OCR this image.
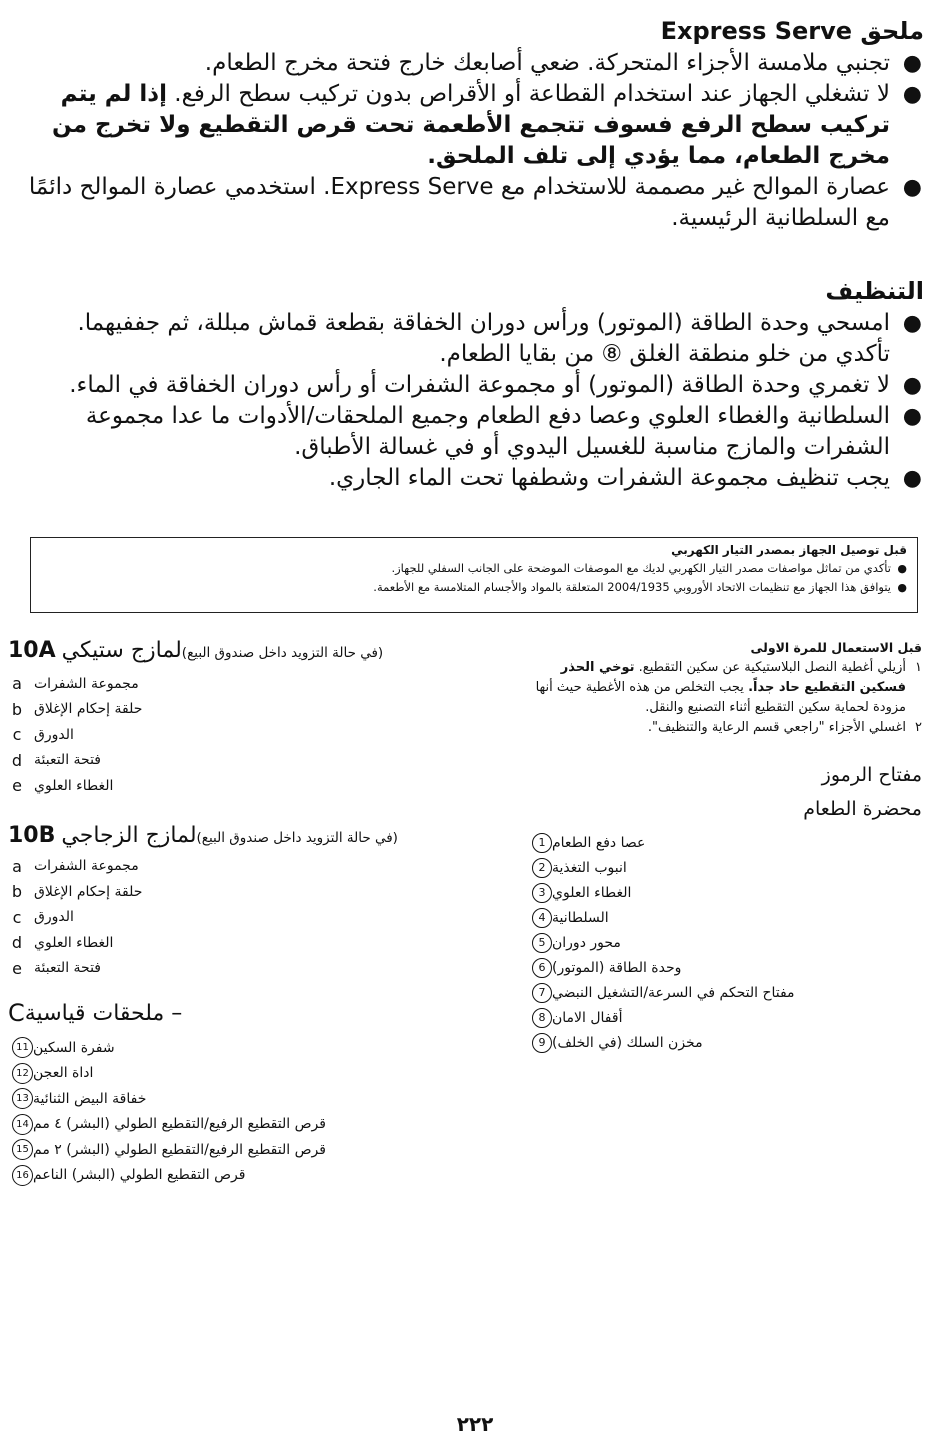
ملحق Express Serve
●
تجنبي ملامسة الأجزاء المتحركة. ضعي أصابعك خارج فتحة مخرج الطعام.
●
لا تشغلي الجهاز عند استخدام القطاعة أو الأقراص بدون تركيب سطح الرفع. إذا لم يتم تركيب سطح الرفع فسوف تتجمع الأطعمة تحت قرص التقطيع ولا تخرج من مخرج الطعام، مما يؤدي إلى تلف الملحق.
●
عصارة الموالح غير مصممة للاستخدام مع Express Serve. استخدمي عصارة الموالح دائمًا مع السلطانية الرئيسية.
التنظيف
●
امسحي وحدة الطاقة (الموتور) ورأس دوران الخفاقة بقطعة قماش مبللة، ثم جففيهما. تأكدي من خلو منطقة الغلق ⑧ من بقايا الطعام.
●
لا تغمري وحدة الطاقة (الموتور) أو مجموعة الشفرات أو رأس دوران الخفاقة في الماء.
●
السلطانية والغطاء العلوي وعصا دفع الطعام وجميع الملحقات/الأدوات ما عدا مجموعة الشفرات والمازج مناسبة للغسيل اليدوي أو في غسالة الأطباق.
●
يجب تنظيف مجموعة الشفرات وشطفها تحت الماء الجاري.
قبل توصيل الجهاز بمصدر التيار الكهربي
●
تأكدي من تماثل مواصفات مصدر التيار الكهربي لديك مع الموصفات الموضحة على الجانب السفلي للجهاز.
●
يتوافق هذا الجهاز مع تنظيمات الاتحاد الأوروبي 2004/1935 المتعلقة بالمواد والأجسام المتلامسة مع الأطعمة.
قبل الاستعمال للمرة الاولى
١
أزيلي أغطية النصل البلاستيكية عن سكين التقطيع. توخي الحذر فسكين التقطيع حاد جداً. يجب التخلص من هذه الأغطية حيث أنها مزودة لحماية سكين التقطيع أثناء التصنيع والنقل.
٢
اغسلي الأجزاء "راجعي قسم الرعاية والتنظيف".
مفتاح الرموز
محضرة الطعام
1 عصا دفع الطعام
2 انبوب التغذية
3 الغطاء العلوي
4 السلطانية
5 محور دوران
6 وحدة الطاقة (الموتور)
7 مفتاح التحكم في السرعة/التشغيل النبضي
8 أقفال الامان
9 مخزن السلك (في الخلف)
10A لمازج ستيكي (في حالة التزويد داخل صندوق البيع)
a مجموعة الشفرات
b حلقة إحكام الإغلاق
c الدورق
d فتحة التعبئة
e الغطاء العلوي
10B لمازج الزجاجي (في حالة التزويد داخل صندوق البيع)
a مجموعة الشفرات
b حلقة إحكام الإغلاق
c الدورق
d الغطاء العلوي
e فتحة التعبئة
C – ملحقات قياسية
11 شفرة السكين
12 اداة العجن
13 خفاقة البيض الثنائية
14 قرص التقطيع الرفيع/التقطيع الطولي (البشر) ٤ مم
15 قرص التقطيع الرفيع/التقطيع الطولي (البشر) ٢ مم
16 قرص التقطيع الطولي (البشر) الناعم
٢٢٢
